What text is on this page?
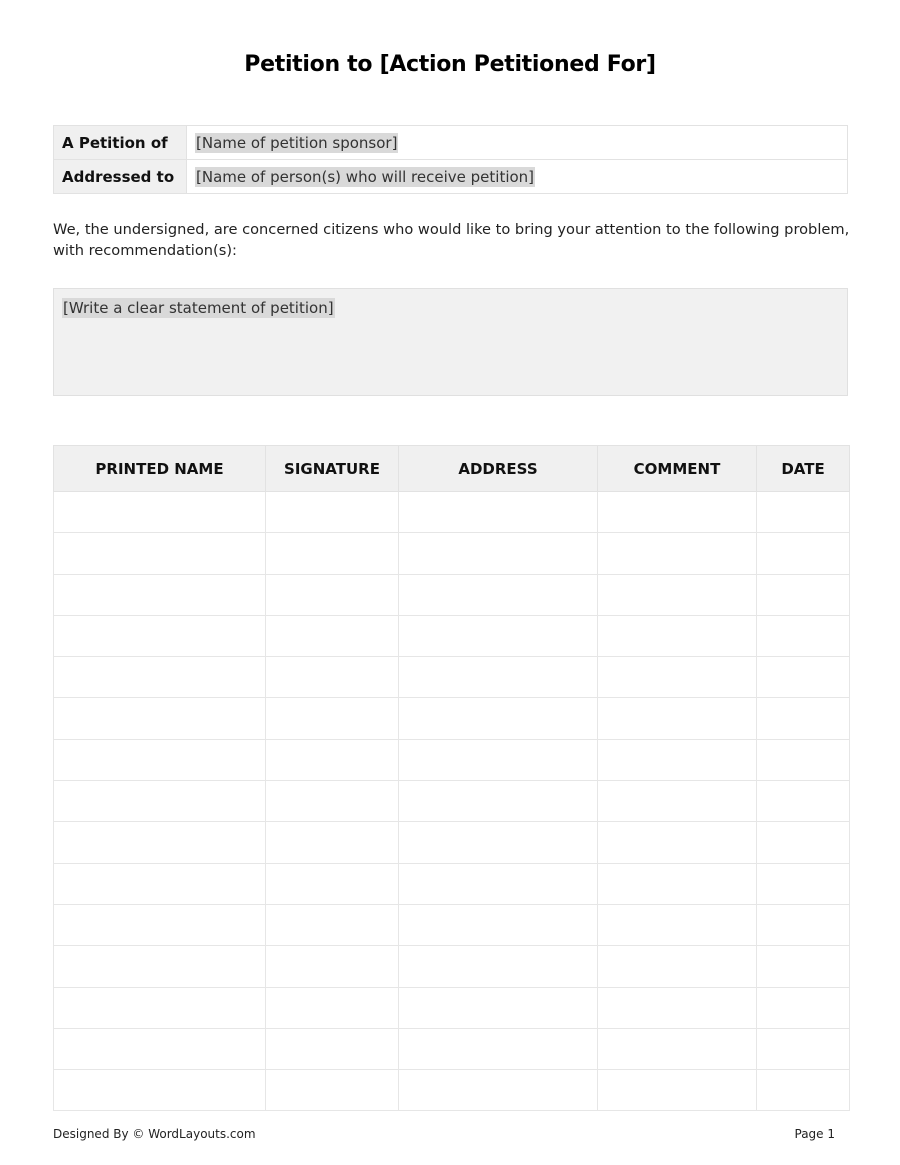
Petition to [Action Petitioned For]
A Petition of	[Name of petition sponsor]
Addressed to	[Name of person(s) who will receive petition]
We, the undersigned, are concerned citizens who would like to bring your attention to the following problem, with recommendation(s):
[Write a clear statement of petition]
PRINTED NAME	SIGNATURE	ADDRESS	COMMENT	DATE

Designed By © WordLayouts.com	Page 1
